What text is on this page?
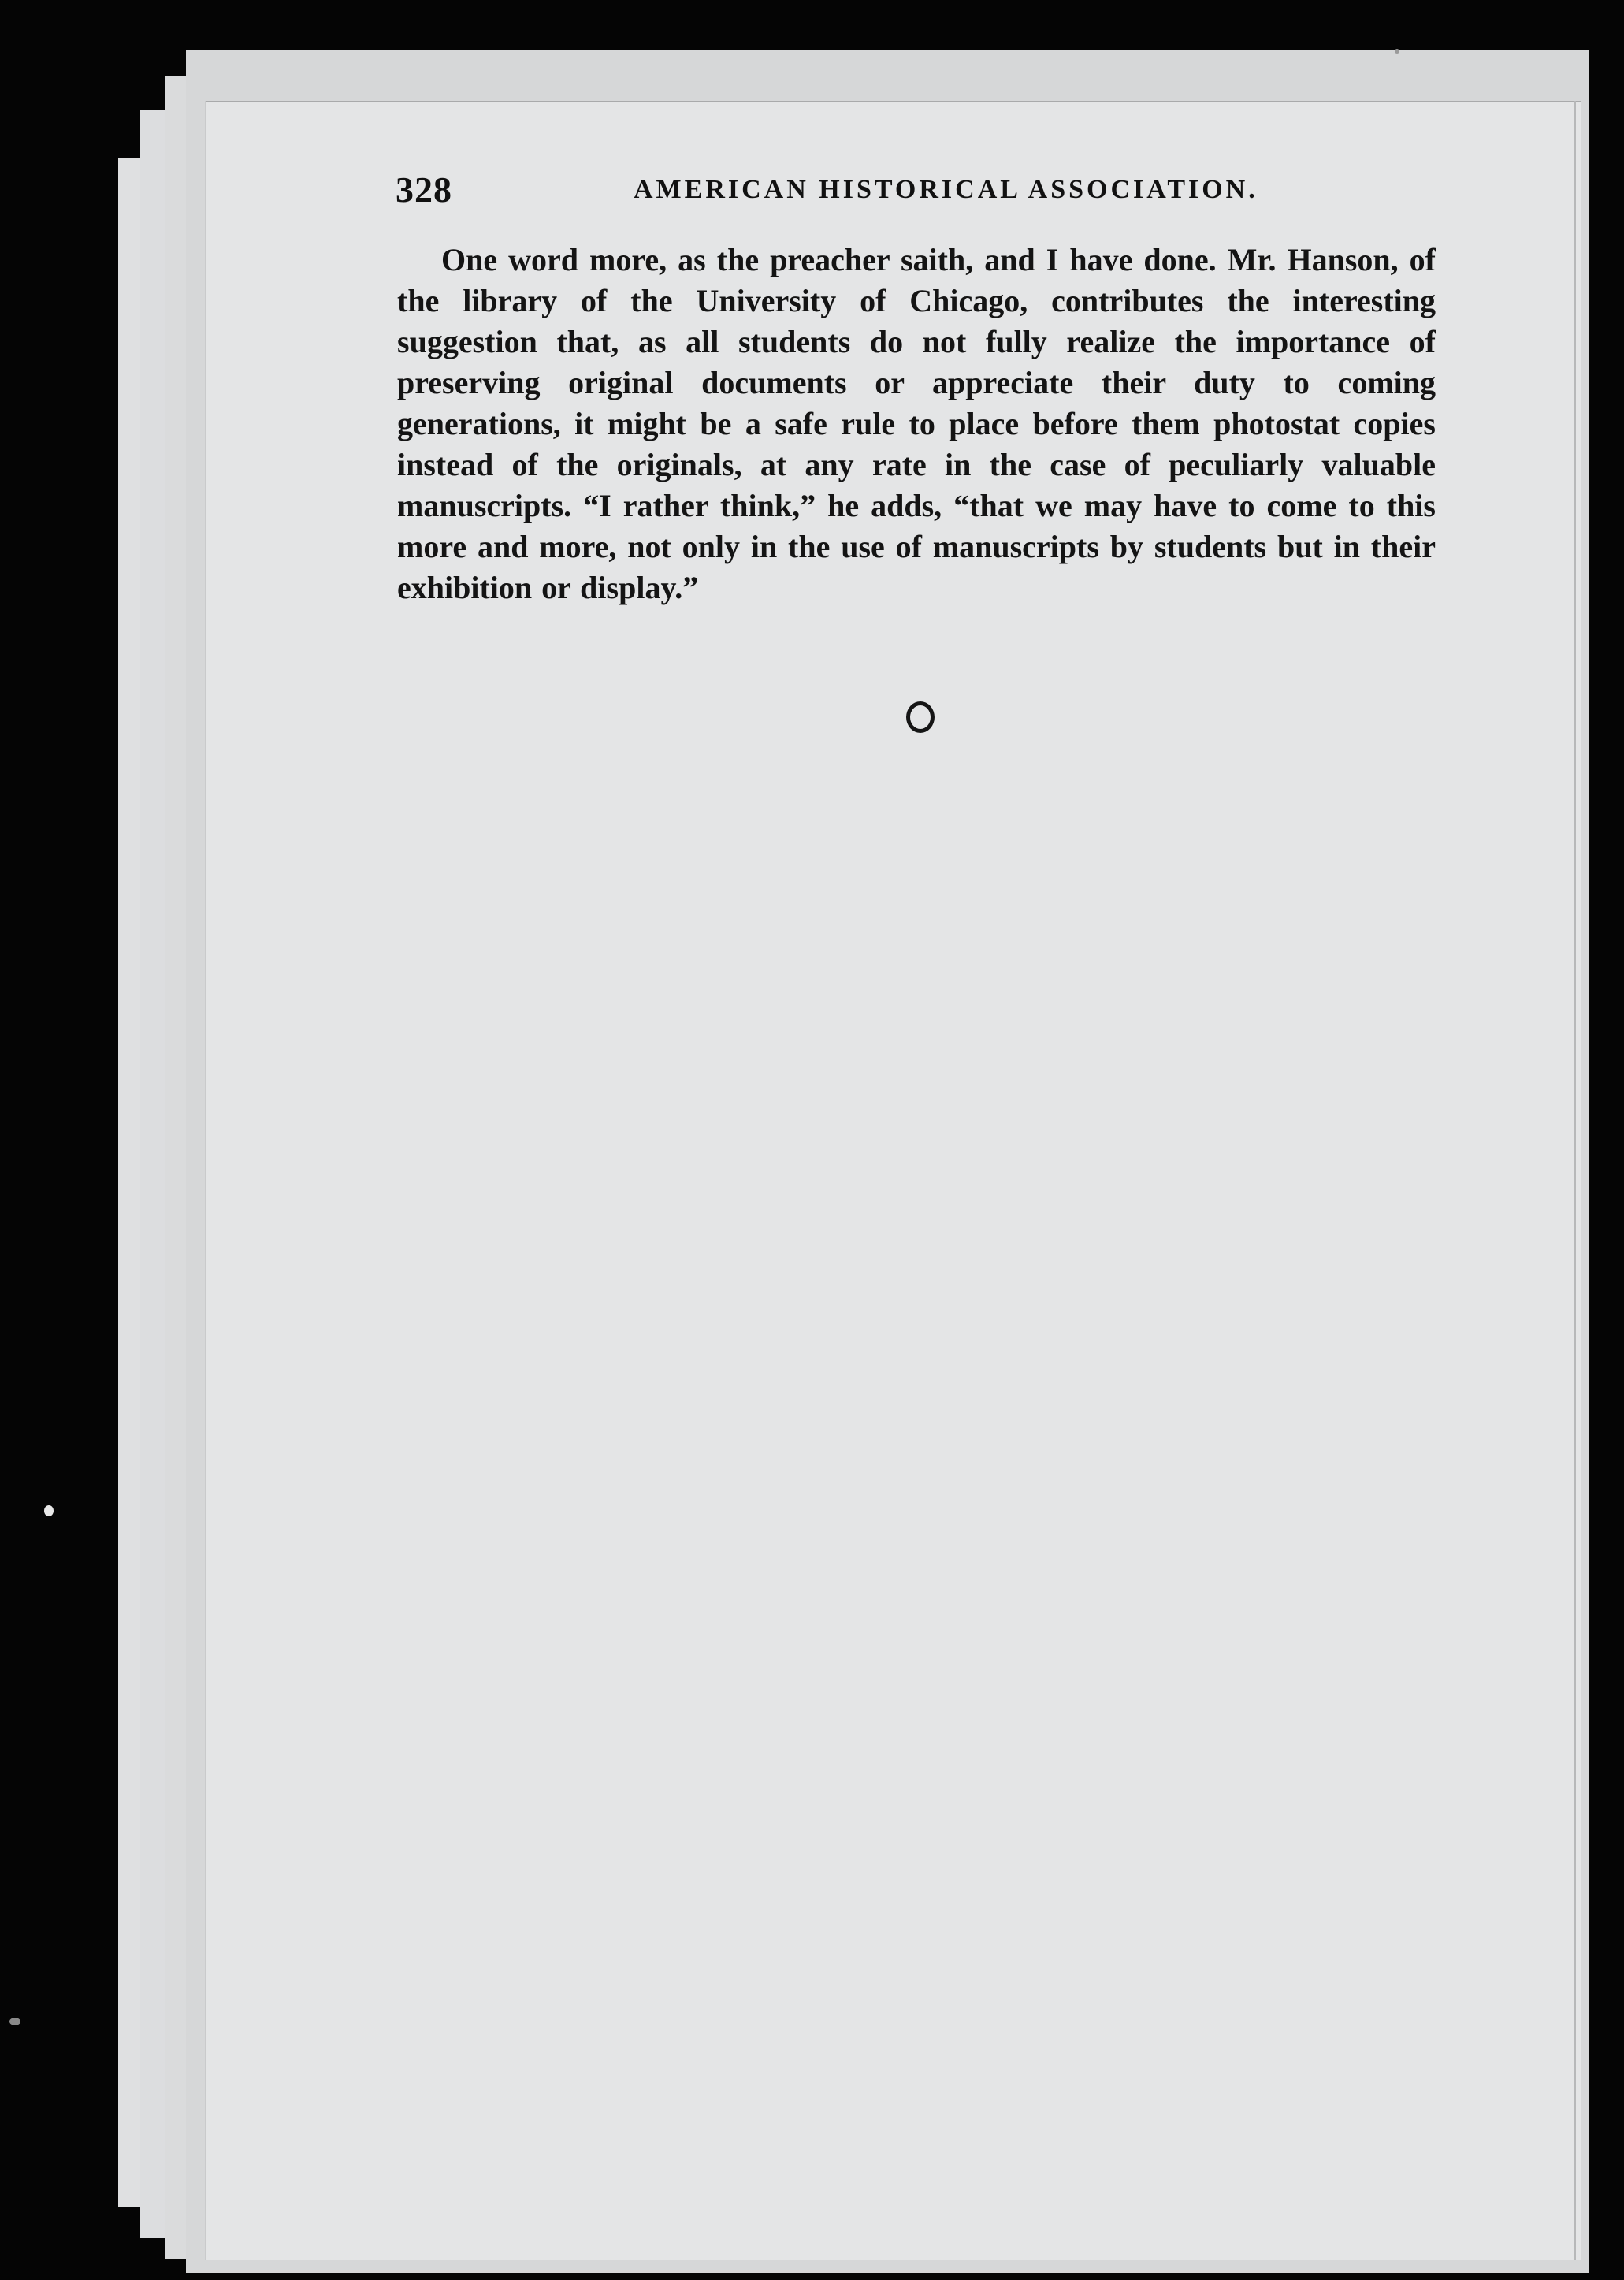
328	AMERICAN HISTORICAL ASSOCIATION.

One word more, as the preacher saith, and I have done. Mr. Hanson, of the library of the University of Chicago, contributes the interesting suggestion that, as all students do not fully realize the importance of preserving original documents or appreciate their duty to coming generations, it might be a safe rule to place before them photostat copies instead of the originals, at any rate in the case of peculiarly valuable manuscripts. “I rather think,” he adds, “that we may have to come to this more and more, not only in the use of manuscripts by students but in their exhibition or display.”
